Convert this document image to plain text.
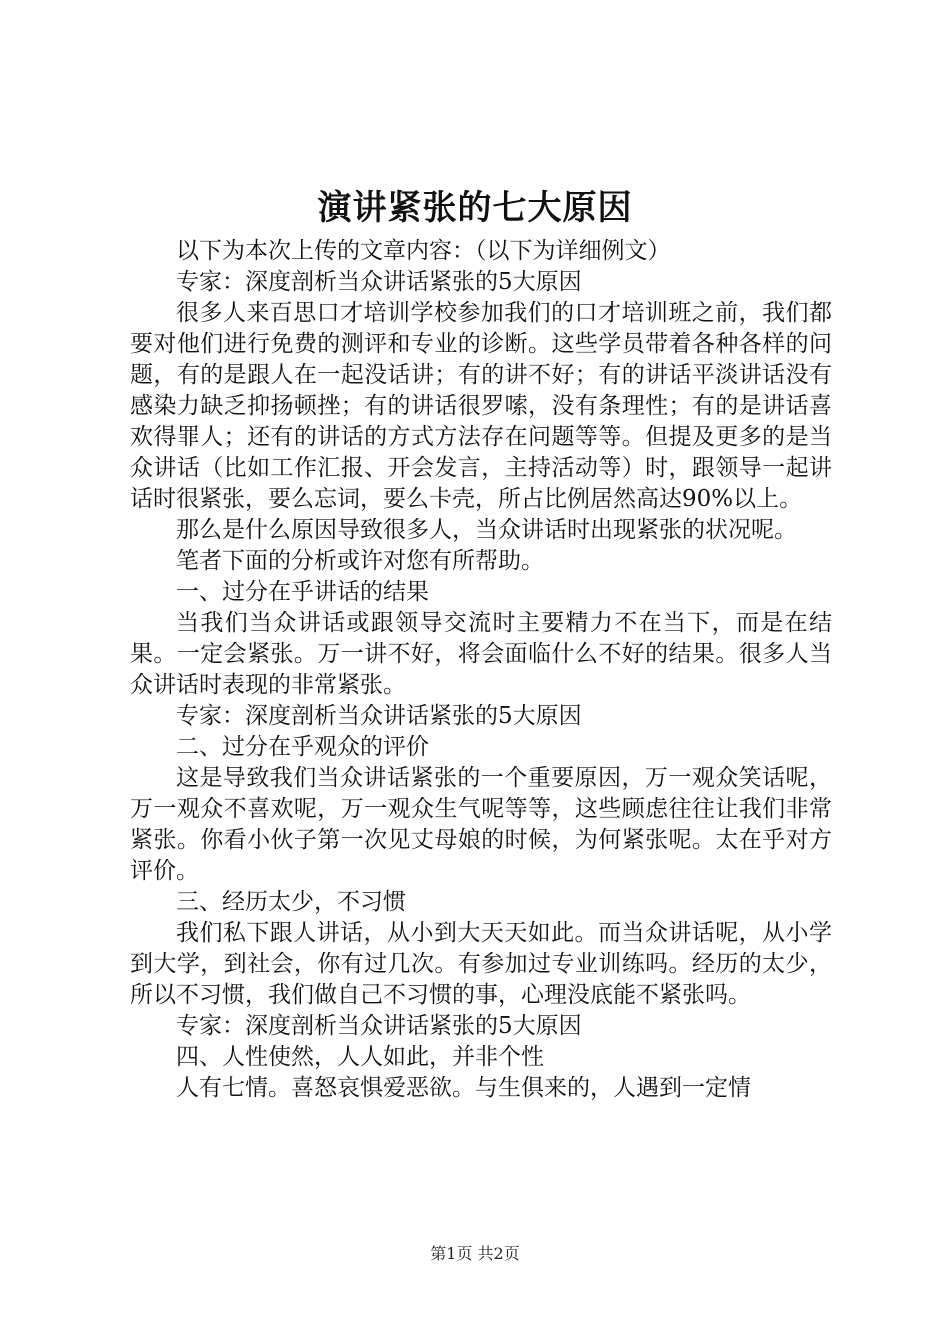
演讲紧张的七大原因

以下为本次上传的文章内容：（以下为详细例文）

专家：深度剖析当众讲话紧张的5大原因

很多人来百思口才培训学校参加我们的口才培训班之前，我们都要对他们进行免费的测评和专业的诊断。这些学员带着各种各样的问题，有的是跟人在一起没话讲；有的讲不好；有的讲话平淡讲话没有感染力缺乏抑扬顿挫；有的讲话很罗嗦，没有条理性；有的是讲话喜欢得罪人；还有的讲话的方式方法存在问题等等。但提及更多的是当众讲话（比如工作汇报、开会发言，主持活动等）时，跟领导一起讲话时很紧张，要么忘词，要么卡壳，所占比例居然高达90%以上。

那么是什么原因导致很多人，当众讲话时出现紧张的状况呢。

笔者下面的分析或许对您有所帮助。

一、过分在乎讲话的结果

当我们当众讲话或跟领导交流时主要精力不在当下，而是在结果。一定会紧张。万一讲不好，将会面临什么不好的结果。很多人当众讲话时表现的非常紧张。

专家：深度剖析当众讲话紧张的5大原因

二、过分在乎观众的评价

这是导致我们当众讲话紧张的一个重要原因，万一观众笑话呢，万一观众不喜欢呢，万一观众生气呢等等，这些顾虑往往让我们非常紧张。你看小伙子第一次见丈母娘的时候，为何紧张呢。太在乎对方评价。

三、经历太少，不习惯

我们私下跟人讲话，从小到大天天如此。而当众讲话呢，从小学到大学，到社会，你有过几次。有参加过专业训练吗。经历的太少，所以不习惯，我们做自己不习惯的事，心理没底能不紧张吗。

专家：深度剖析当众讲话紧张的5大原因

四、人性使然，人人如此，并非个性

人有七情。喜怒哀惧爱恶欲。与生俱来的，人遇到一定情

第1页 共2页
